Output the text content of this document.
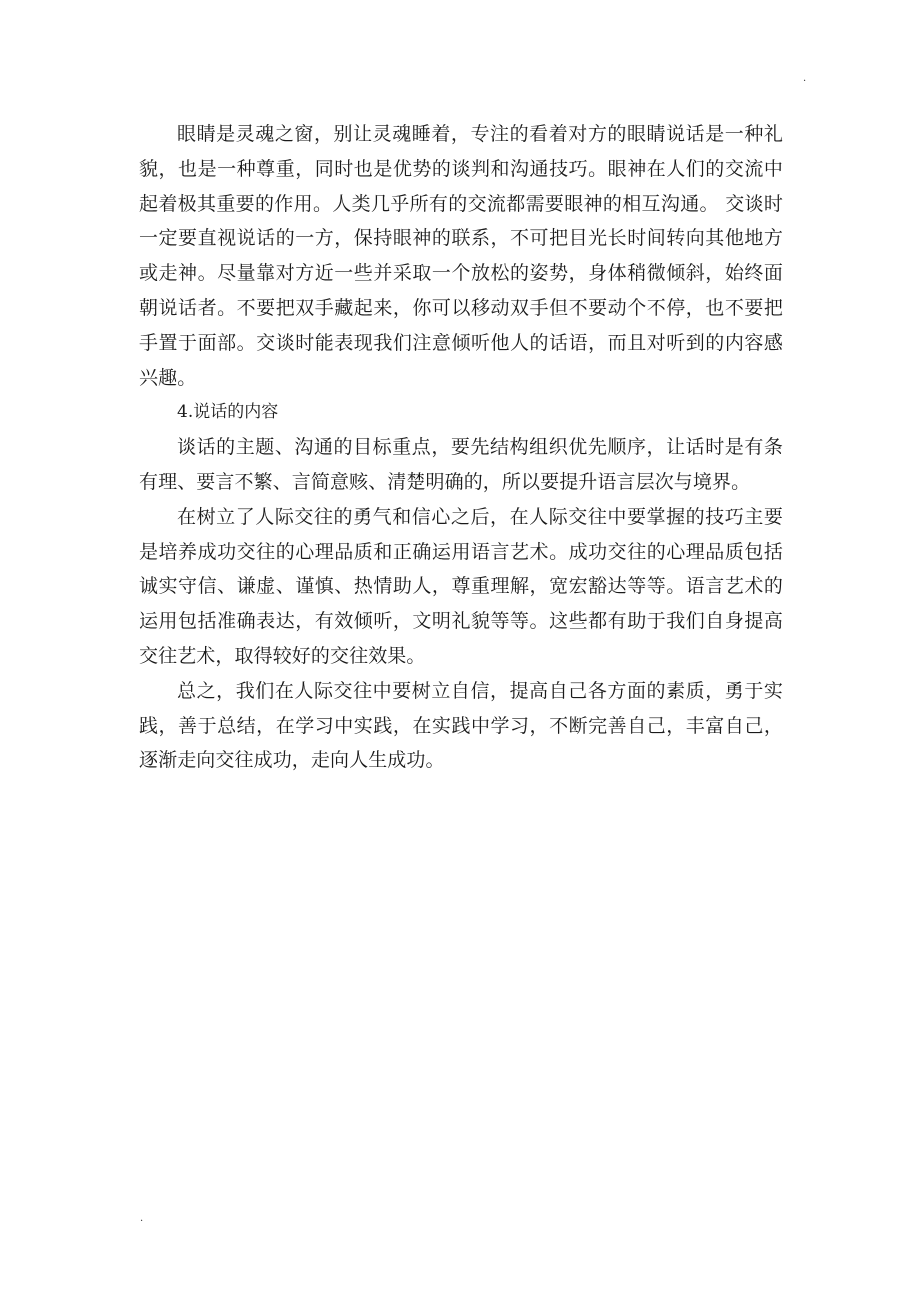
.

眼睛是灵魂之窗，别让灵魂睡着，专注的看着对方的眼睛说话是一种礼貌，也是一种尊重，同时也是优势的谈判和沟通技巧。眼神在人们的交流中起着极其重要的作用。人类几乎所有的交流都需要眼神的相互沟通。 交谈时一定要直视说话的一方，保持眼神的联系，不可把目光长时间转向其他地方或走神。尽量靠对方近一些并采取一个放松的姿势，身体稍微倾斜，始终面朝说话者。不要把双手藏起来，你可以移动双手但不要动个不停，也不要把手置于面部。交谈时能表现我们注意倾听他人的话语，而且对听到的内容感兴趣。

4.说话的内容

谈话的主题、沟通的目标重点，要先结构组织优先顺序，让话时是有条有理、要言不繁、言简意赅、清楚明确的，所以要提升语言层次与境界。

在树立了人际交往的勇气和信心之后，在人际交往中要掌握的技巧主要是培养成功交往的心理品质和正确运用语言艺术。成功交往的心理品质包括诚实守信、谦虚、谨慎、热情助人，尊重理解，宽宏豁达等等。语言艺术的运用包括准确表达，有效倾听，文明礼貌等等。这些都有助于我们自身提高交往艺术，取得较好的交往效果。

总之，我们在人际交往中要树立自信，提高自己各方面的素质，勇于实践，善于总结，在学习中实践，在实践中学习，不断完善自己，丰富自己，逐渐走向交往成功，走向人生成功。

.
